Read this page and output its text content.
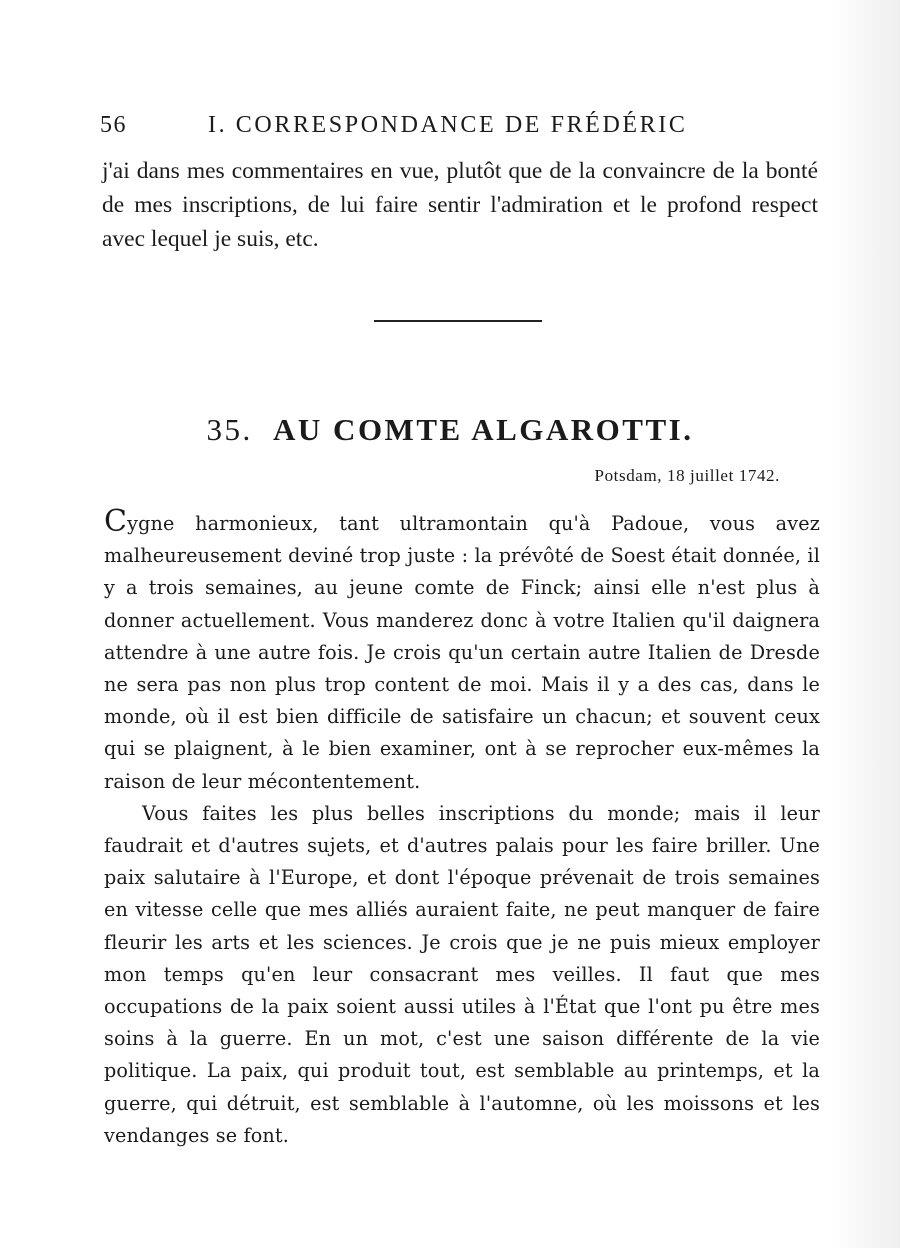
56	I. CORRESPONDANCE DE FRÉDÉRIC

j'ai dans mes commentaires en vue, plutôt que de la convaincre de la bonté de mes inscriptions, de lui faire sentir l'admiration et le profond respect avec lequel je suis, etc.

35. AU COMTE ALGAROTTI.
Potsdam, 18 juillet 1742.

Cygne harmonieux, tant ultramontain qu'à Padoue, vous avez malheureusement deviné trop juste : la prévôté de Soest était donnée, il y a trois semaines, au jeune comte de Finck; ainsi elle n'est plus à donner actuellement. Vous manderez donc à votre Italien qu'il daignera attendre à une autre fois. Je crois qu'un certain autre Italien de Dresde ne sera pas non plus trop content de moi. Mais il y a des cas, dans le monde, où il est bien difficile de satisfaire un chacun; et souvent ceux qui se plaignent, à le bien examiner, ont à se reprocher eux-mêmes la raison de leur mécontentement.

Vous faites les plus belles inscriptions du monde; mais il leur faudrait et d'autres sujets, et d'autres palais pour les faire briller. Une paix salutaire à l'Europe, et dont l'époque prévenait de trois semaines en vitesse celle que mes alliés auraient faite, ne peut manquer de faire fleurir les arts et les sciences. Je crois que je ne puis mieux employer mon temps qu'en leur consacrant mes veilles. Il faut que mes occupations de la paix soient aussi utiles à l'État que l'ont pu être mes soins à la guerre. En un mot, c'est une saison différente de la vie politique. La paix, qui produit tout, est semblable au printemps, et la guerre, qui détruit, est semblable à l'automne, où les moissons et les vendanges se font.
